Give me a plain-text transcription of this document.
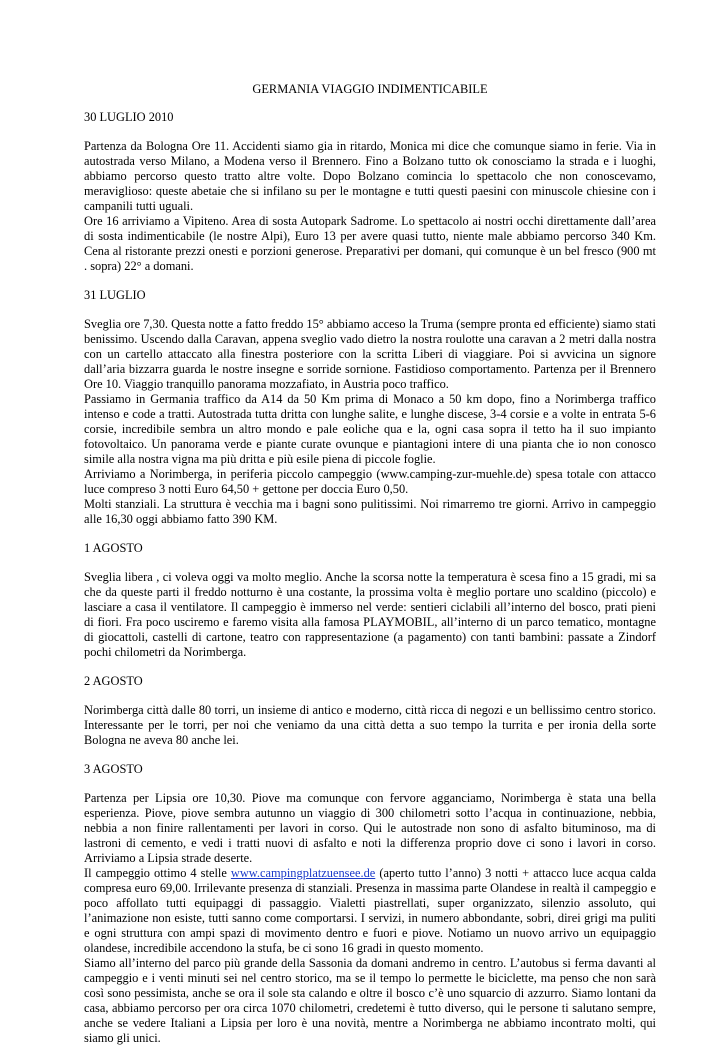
GERMANIA VIAGGIO INDIMENTICABILE
30 LUGLIO 2010
Partenza da Bologna Ore 11. Accidenti siamo gia in ritardo, Monica mi dice che comunque siamo in ferie. Via in autostrada verso Milano, a Modena verso il Brennero. Fino a Bolzano tutto ok conosciamo la strada e i luoghi, abbiamo percorso questo tratto altre volte. Dopo Bolzano comincia lo spettacolo che non conoscevamo, meraviglioso: queste abetaie che si infilano su per le montagne e tutti questi paesini con minuscole chiesine con i campanili tutti uguali.
Ore 16 arriviamo a Vipiteno. Area di sosta Autopark Sadrome. Lo spettacolo ai nostri occhi direttamente dall’area di sosta indimenticabile (le nostre Alpi), Euro 13 per avere quasi tutto, niente male abbiamo percorso 340 Km. Cena al ristorante prezzi onesti e porzioni generose. Preparativi per domani, qui comunque è un bel fresco (900 mt . sopra) 22° a domani.
31 LUGLIO
Sveglia ore 7,30. Questa notte a fatto freddo 15° abbiamo acceso la Truma (sempre pronta ed efficiente) siamo stati benissimo. Uscendo dalla Caravan, appena sveglio vado dietro la nostra roulotte una caravan a 2 metri dalla nostra con un cartello attaccato alla finestra posteriore con la scritta Liberi di viaggiare. Poi si avvicina un signore dall’aria bizzarra guarda le nostre insegne e sorride sornione. Fastidioso comportamento. Partenza per il Brennero Ore 10. Viaggio tranquillo panorama mozzafiato, in Austria poco traffico.
Passiamo in Germania traffico da A14 da 50 Km prima di Monaco a 50 km dopo, fino a Norimberga traffico intenso e code a tratti. Autostrada tutta dritta con lunghe salite, e lunghe discese, 3-4 corsie e a volte in entrata 5-6 corsie, incredibile sembra un altro mondo e pale eoliche qua e la, ogni casa sopra il tetto ha il suo impianto fotovoltaico. Un panorama verde e piante curate ovunque e piantagioni intere di una pianta che io non conosco simile alla nostra vigna ma più dritta e più esile piena di piccole foglie.
Arriviamo a Norimberga, in periferia piccolo campeggio (www.camping-zur-muehle.de) spesa totale con attacco luce compreso 3 notti Euro 64,50 + gettone per doccia Euro 0,50.
Molti stanziali. La struttura è vecchia ma i bagni sono pulitissimi. Noi rimarremo tre giorni. Arrivo in campeggio alle 16,30 oggi abbiamo fatto 390 KM.
1 AGOSTO
Sveglia libera , ci voleva oggi va molto meglio. Anche la scorsa notte la temperatura è scesa fino a 15 gradi, mi sa che da queste parti il freddo notturno è una costante, la prossima volta è meglio portare uno scaldino (piccolo) e lasciare a casa il ventilatore. Il campeggio è immerso nel verde: sentieri ciclabili all’interno del bosco, prati pieni di fiori. Fra poco usciremo e faremo visita alla famosa PLAYMOBIL, all’interno di un parco tematico, montagne di giocattoli, castelli di cartone, teatro con rappresentazione (a pagamento) con tanti bambini: passate a Zindorf pochi chilometri da Norimberga.
2 AGOSTO
Norimberga città dalle 80 torri, un insieme di antico e moderno, città ricca di negozi e un bellissimo centro storico. Interessante per le torri, per noi che veniamo da una città detta a suo tempo la turrita e per ironia della sorte Bologna ne aveva 80 anche lei.
3 AGOSTO
Partenza per Lipsia ore 10,30. Piove ma comunque con fervore agganciamo, Norimberga è stata una bella esperienza. Piove, piove sembra autunno un viaggio di 300 chilometri sotto l’acqua in continuazione, nebbia, nebbia a non finire rallentamenti per lavori in corso. Qui le autostrade non sono di asfalto bituminoso, ma di lastroni di cemento, e vedi i tratti nuovi di asfalto e noti la differenza proprio dove ci sono i lavori in corso. Arriviamo a Lipsia strade deserte.
Il campeggio ottimo 4 stelle www.campingplatzuensee.de (aperto tutto l’anno) 3 notti + attacco luce acqua calda compresa euro 69,00. Irrilevante presenza di stanziali. Presenza in massima parte Olandese in realtà il campeggio e poco affollato tutti equipaggi di passaggio. Vialetti piastrellati, super organizzato, silenzio assoluto, qui l’animazione non esiste, tutti sanno come comportarsi. I servizi, in numero abbondante, sobri, direi grigi ma puliti e ogni struttura con ampi spazi di movimento dentro e fuori e piove. Notiamo un nuovo arrivo un equipaggio olandese, incredibile accendono la stufa, be ci sono 16 gradi in questo momento.
Siamo all’interno del parco più grande della Sassonia da domani andremo in centro. L’autobus si ferma davanti al campeggio e i venti minuti sei nel centro storico, ma se il tempo lo permette le biciclette, ma penso che non sarà così sono pessimista, anche se ora il sole sta calando e oltre il bosco c’è uno squarcio di azzurro. Siamo lontani da casa, abbiamo percorso per ora circa 1070 chilometri, credetemi è tutto diverso, qui le persone ti salutano sempre, anche se vedere Italiani a Lipsia per loro è una novità, mentre a Norimberga ne abbiamo incontrato molti, qui siamo gli unici.
